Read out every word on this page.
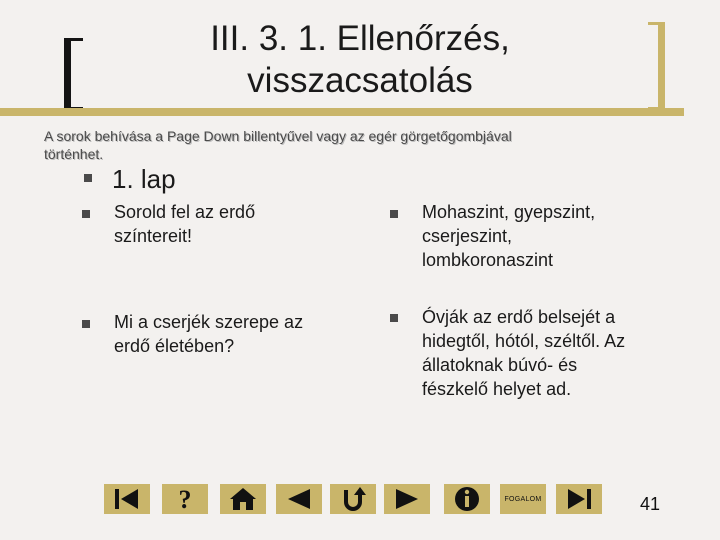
III. 3. 1. Ellenőrzés,
visszacsatolás
A sorok behívása a Page Down billentyűvel vagy az egér görgetőgombjával
történhet.
1. lap
Sorold fel az erdő
színtereit!
Mohaszint, gyepszint,
cserjeszint,
lombkoronaszint
Mi a cserjék szerepe az
erdő életében?
Óvják az erdő belsejét a
hidegtől, hótól, széltől. Az
állatoknak búvó- és
fészkelő helyet ad.
?	FOGALOM	41
